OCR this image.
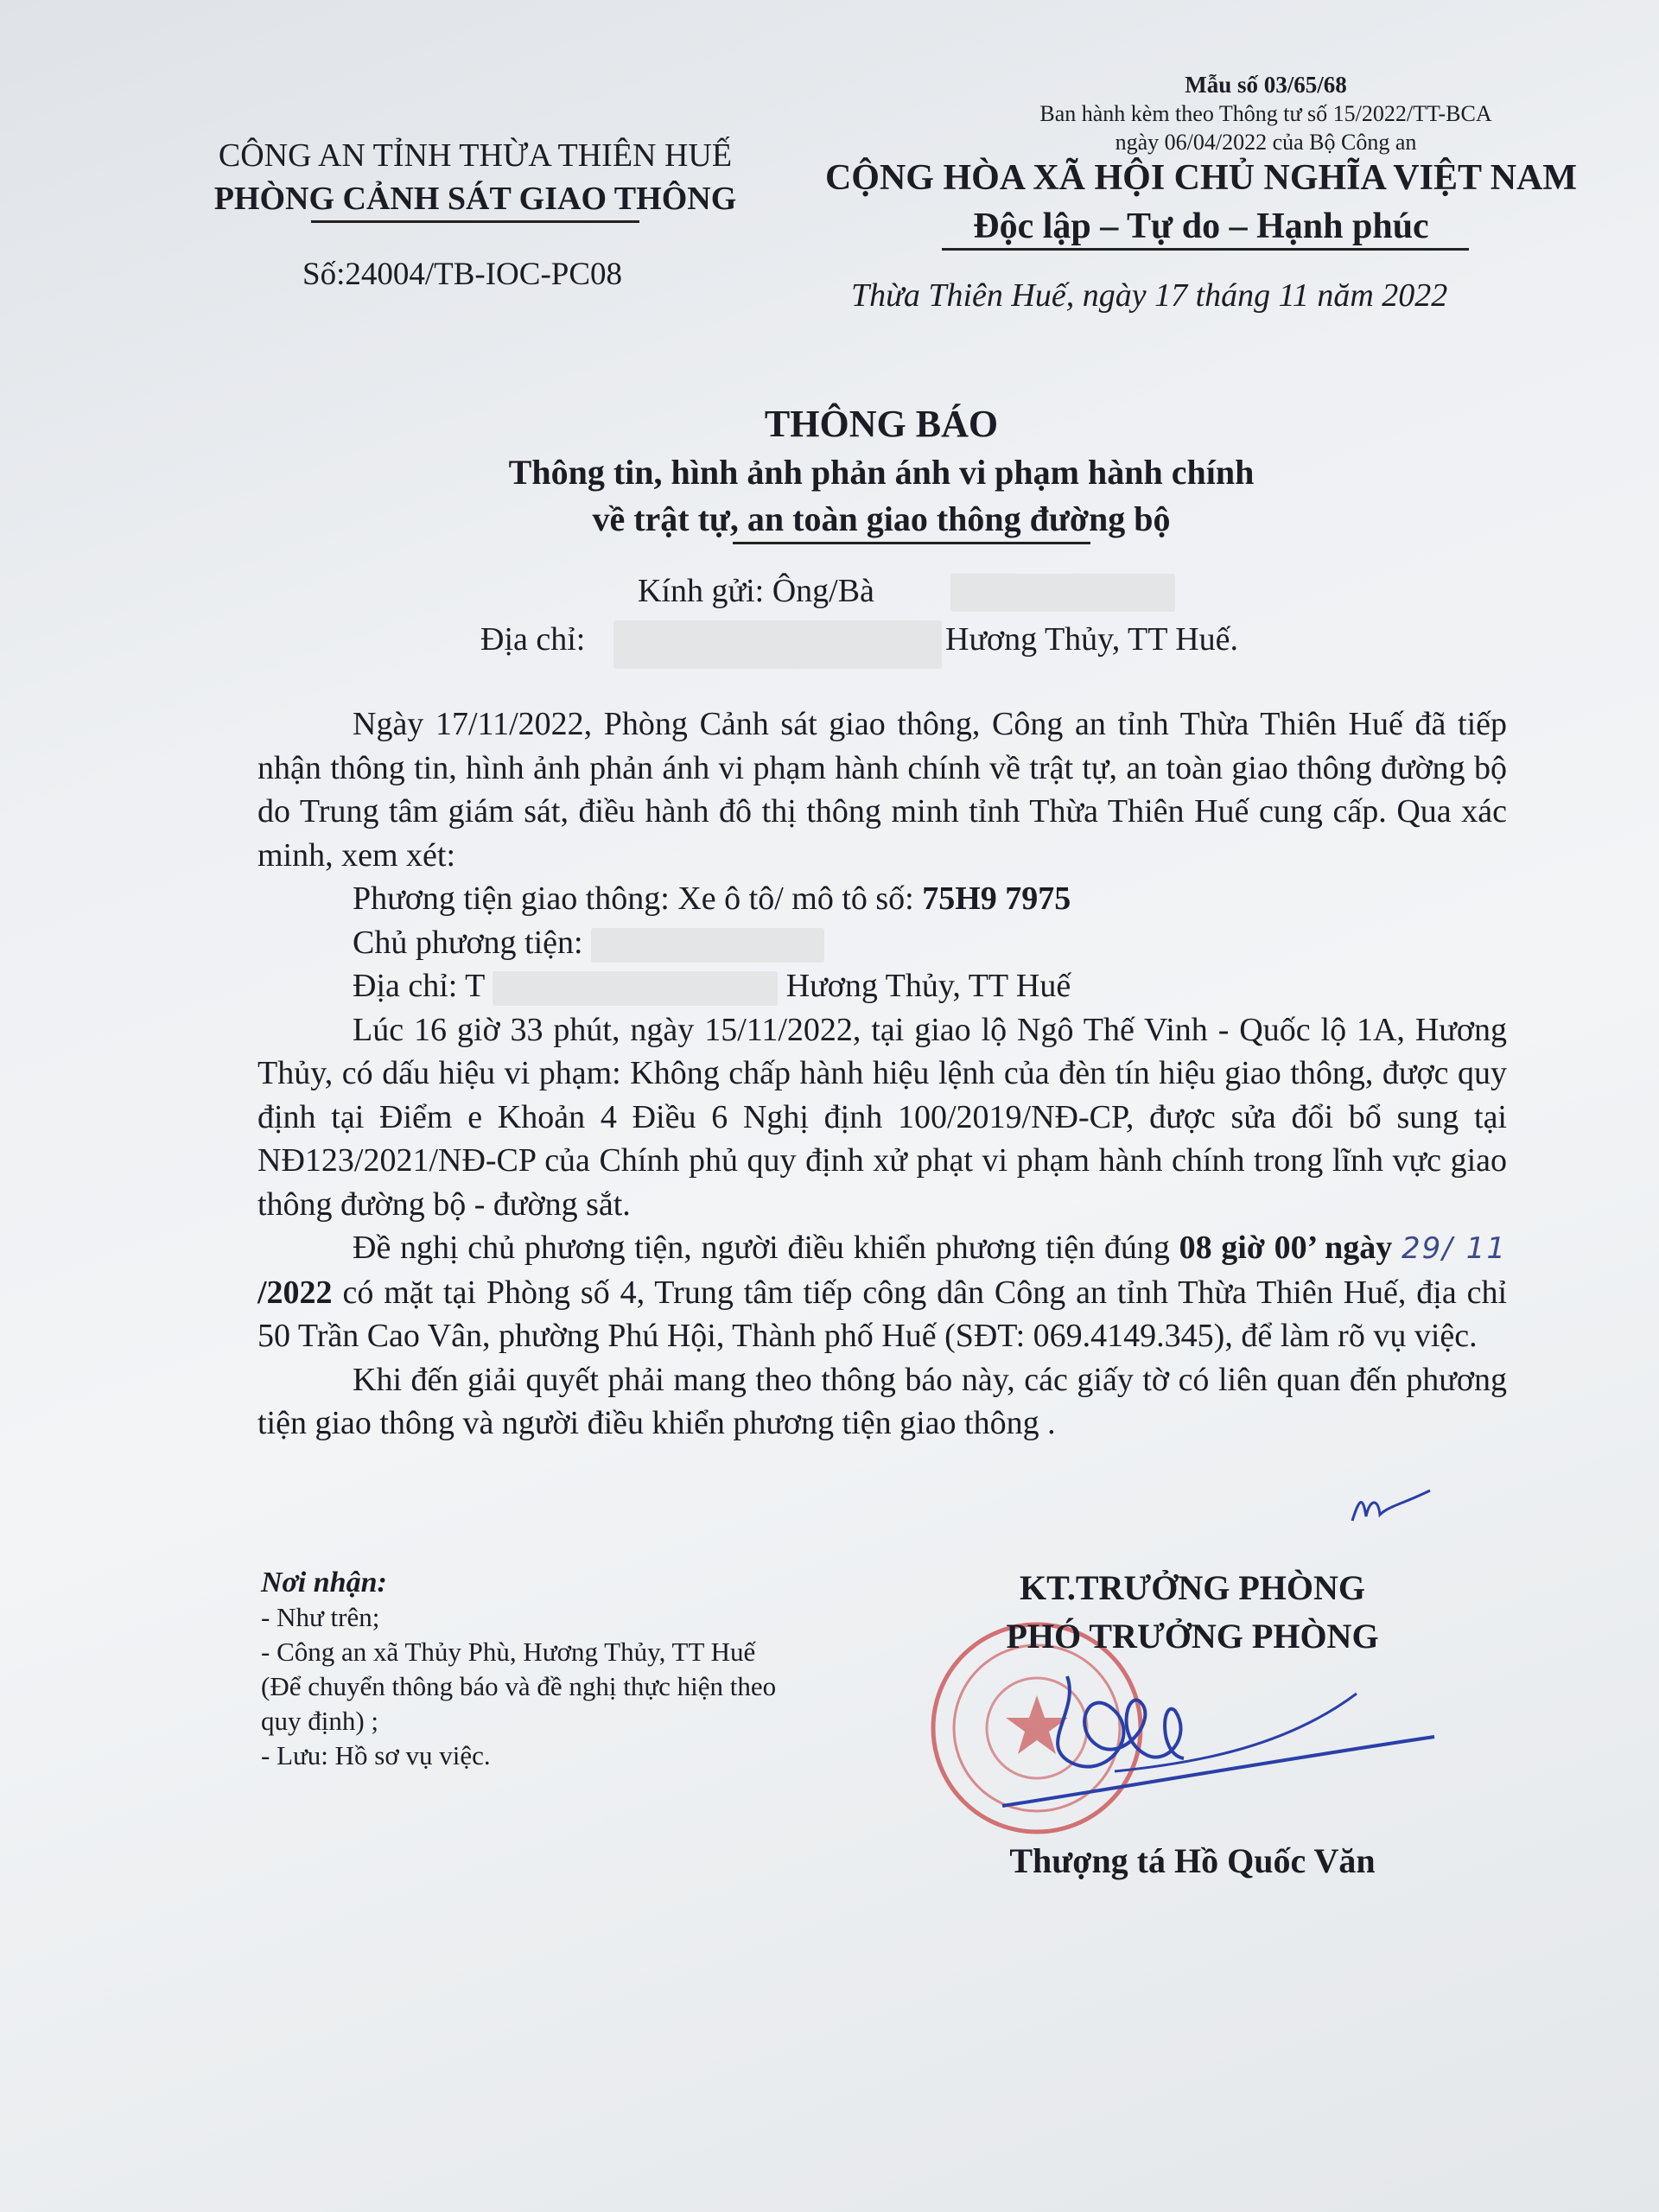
Mẫu số 03/65/68
Ban hành kèm theo Thông tư số 15/2022/TT-BCA
ngày 06/04/2022 của Bộ Công an
CÔNG AN TỈNH THỪA THIÊN HUẾ
PHÒNG CẢNH SÁT GIAO THÔNG
CỘNG HÒA XÃ HỘI CHỦ NGHĨA VIỆT NAM
Độc lập – Tự do – Hạnh phúc
Số:24004/TB-IOC-PC08
Thừa Thiên Huế, ngày 17 tháng 11 năm 2022
THÔNG BÁO
Thông tin, hình ảnh phản ánh vi phạm hành chính
về trật tự, an toàn giao thông đường bộ
Kính gửi: Ông/Bà
Địa chỉ:	Hương Thủy, TT Huế.

Ngày 17/11/2022, Phòng Cảnh sát giao thông, Công an tỉnh Thừa Thiên Huế đã tiếp nhận thông tin, hình ảnh phản ánh vi phạm hành chính về trật tự, an toàn giao thông đường bộ do Trung tâm giám sát, điều hành đô thị thông minh tỉnh Thừa Thiên Huế cung cấp. Qua xác minh, xem xét:

Phương tiện giao thông: Xe ô tô/ mô tô số: 75H9 7975

Chủ phương tiện:

Địa chỉ: T	Hương Thủy, TT Huế

Lúc 16 giờ 33 phút, ngày 15/11/2022, tại giao lộ Ngô Thế Vinh - Quốc lộ 1A, Hương Thủy, có dấu hiệu vi phạm: Không chấp hành hiệu lệnh của đèn tín hiệu giao thông, được quy định tại Điểm e Khoản 4 Điều 6 Nghị định 100/2019/NĐ-CP, được sửa đổi bổ sung tại NĐ123/2021/NĐ-CP của Chính phủ quy định xử phạt vi phạm hành chính trong lĩnh vực giao thông đường bộ - đường sắt.

Đề nghị chủ phương tiện, người điều khiển phương tiện đúng 08 giờ 00’ ngày 29/ 11 /2022 có mặt tại Phòng số 4, Trung tâm tiếp công dân Công an tỉnh Thừa Thiên Huế, địa chỉ 50 Trần Cao Vân, phường Phú Hội, Thành phố Huế (SĐT: 069.4149.345), để làm rõ vụ việc.

Khi đến giải quyết phải mang theo thông báo này, các giấy tờ có liên quan đến phương tiện giao thông và người điều khiển phương tiện giao thông .

Nơi nhận:
- Như trên;
- Công an xã Thủy Phù, Hương Thủy, TT Huế
(Để chuyển thông báo và đề nghị thực hiện theo
quy định) ;
- Lưu: Hồ sơ vụ việc.
KT.TRƯỞNG PHÒNG
PHÓ TRƯỞNG PHÒNG
Thượng tá Hồ Quốc Văn
